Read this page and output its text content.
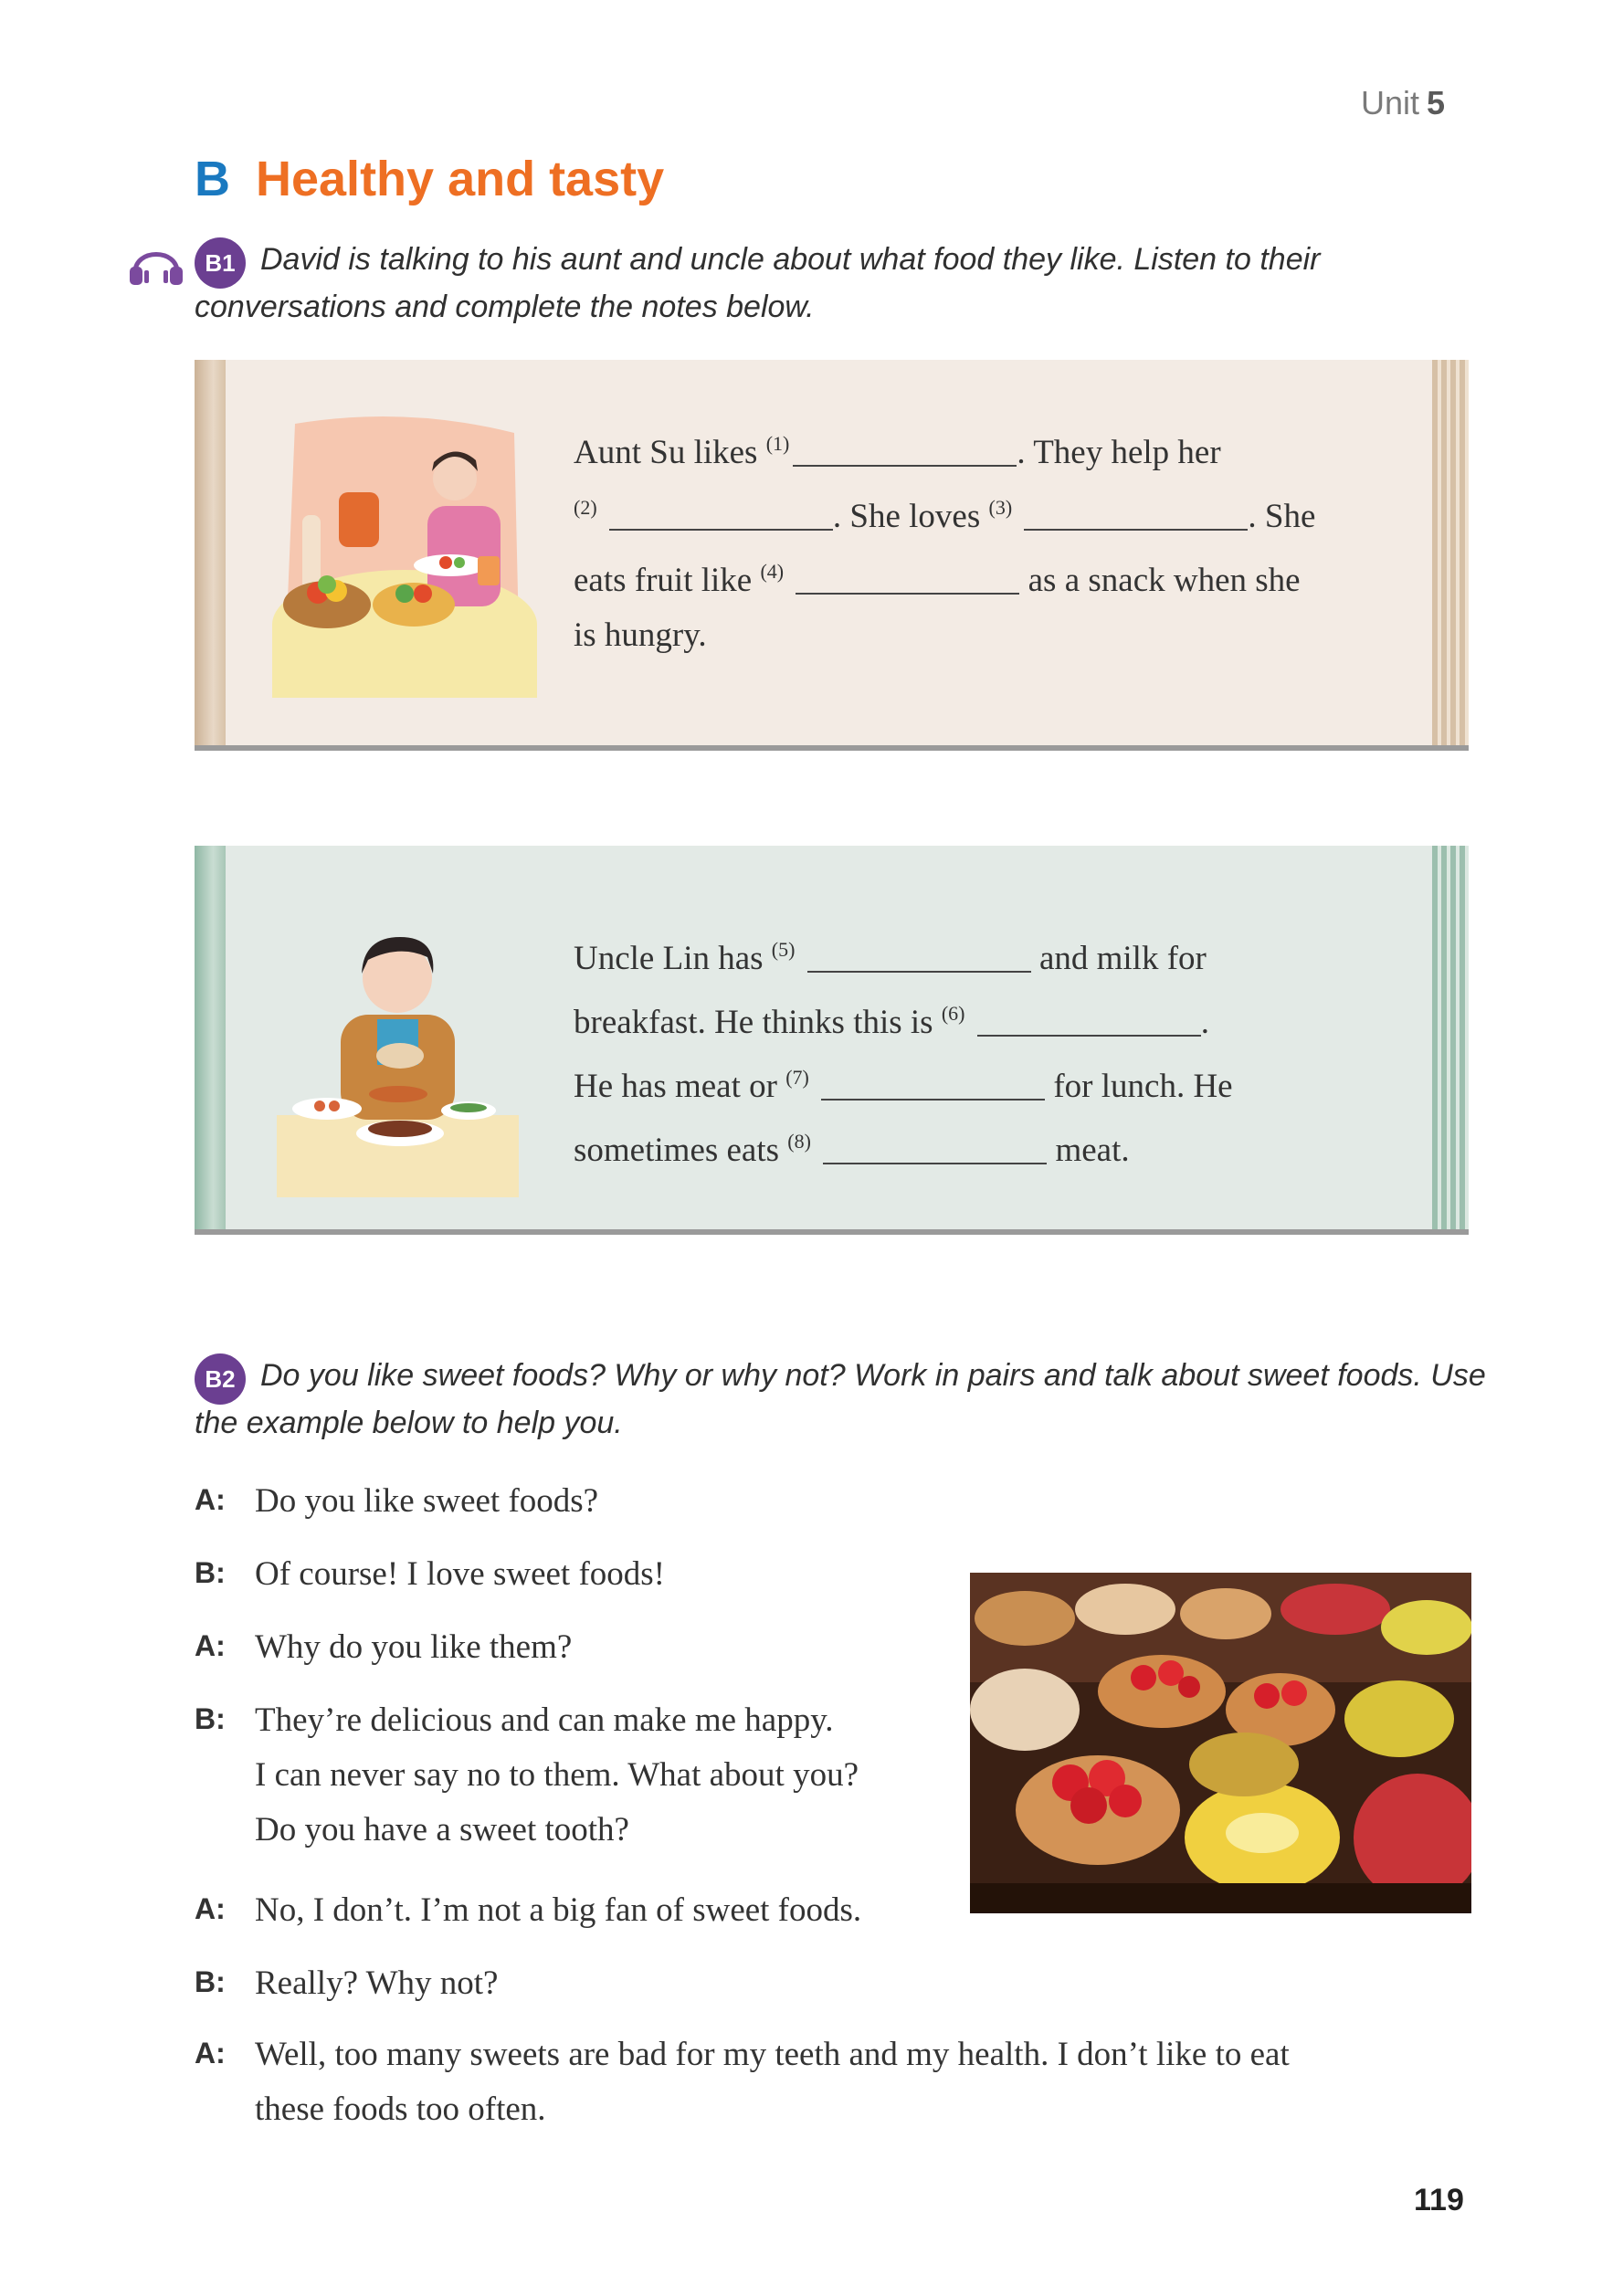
Unit 5
B Healthy and tasty
B1 David is talking to his aunt and uncle about what food they like. Listen to their conversations and complete the notes below.
Aunt Su likes $^{(1)}$	. They help her
$^{(2)}$	. She loves $^{(3)}$	. She
eats fruit like $^{(4)}$	as a snack when she
is hungry.
Uncle Lin has $^{(5)}$	and milk for
breakfast. He thinks this is $^{(6)}$	.
He has meat or $^{(7)}$	for lunch. He
sometimes eats $^{(8)}$	meat.
B2 Do you like sweet foods? Why or why not? Work in pairs and talk about sweet foods. Use the example below to help you.
A: Do you like sweet foods?
B: Of course! I love sweet foods!
A: Why do you like them?
B: They’re delicious and can make me happy.
I can never say no to them. What about you?
Do you have a sweet tooth?
A: No, I don’t. I’m not a big fan of sweet foods.
B: Really? Why not?
A: Well, too many sweets are bad for my teeth and my health. I don’t like to eat
these foods too often.
119
